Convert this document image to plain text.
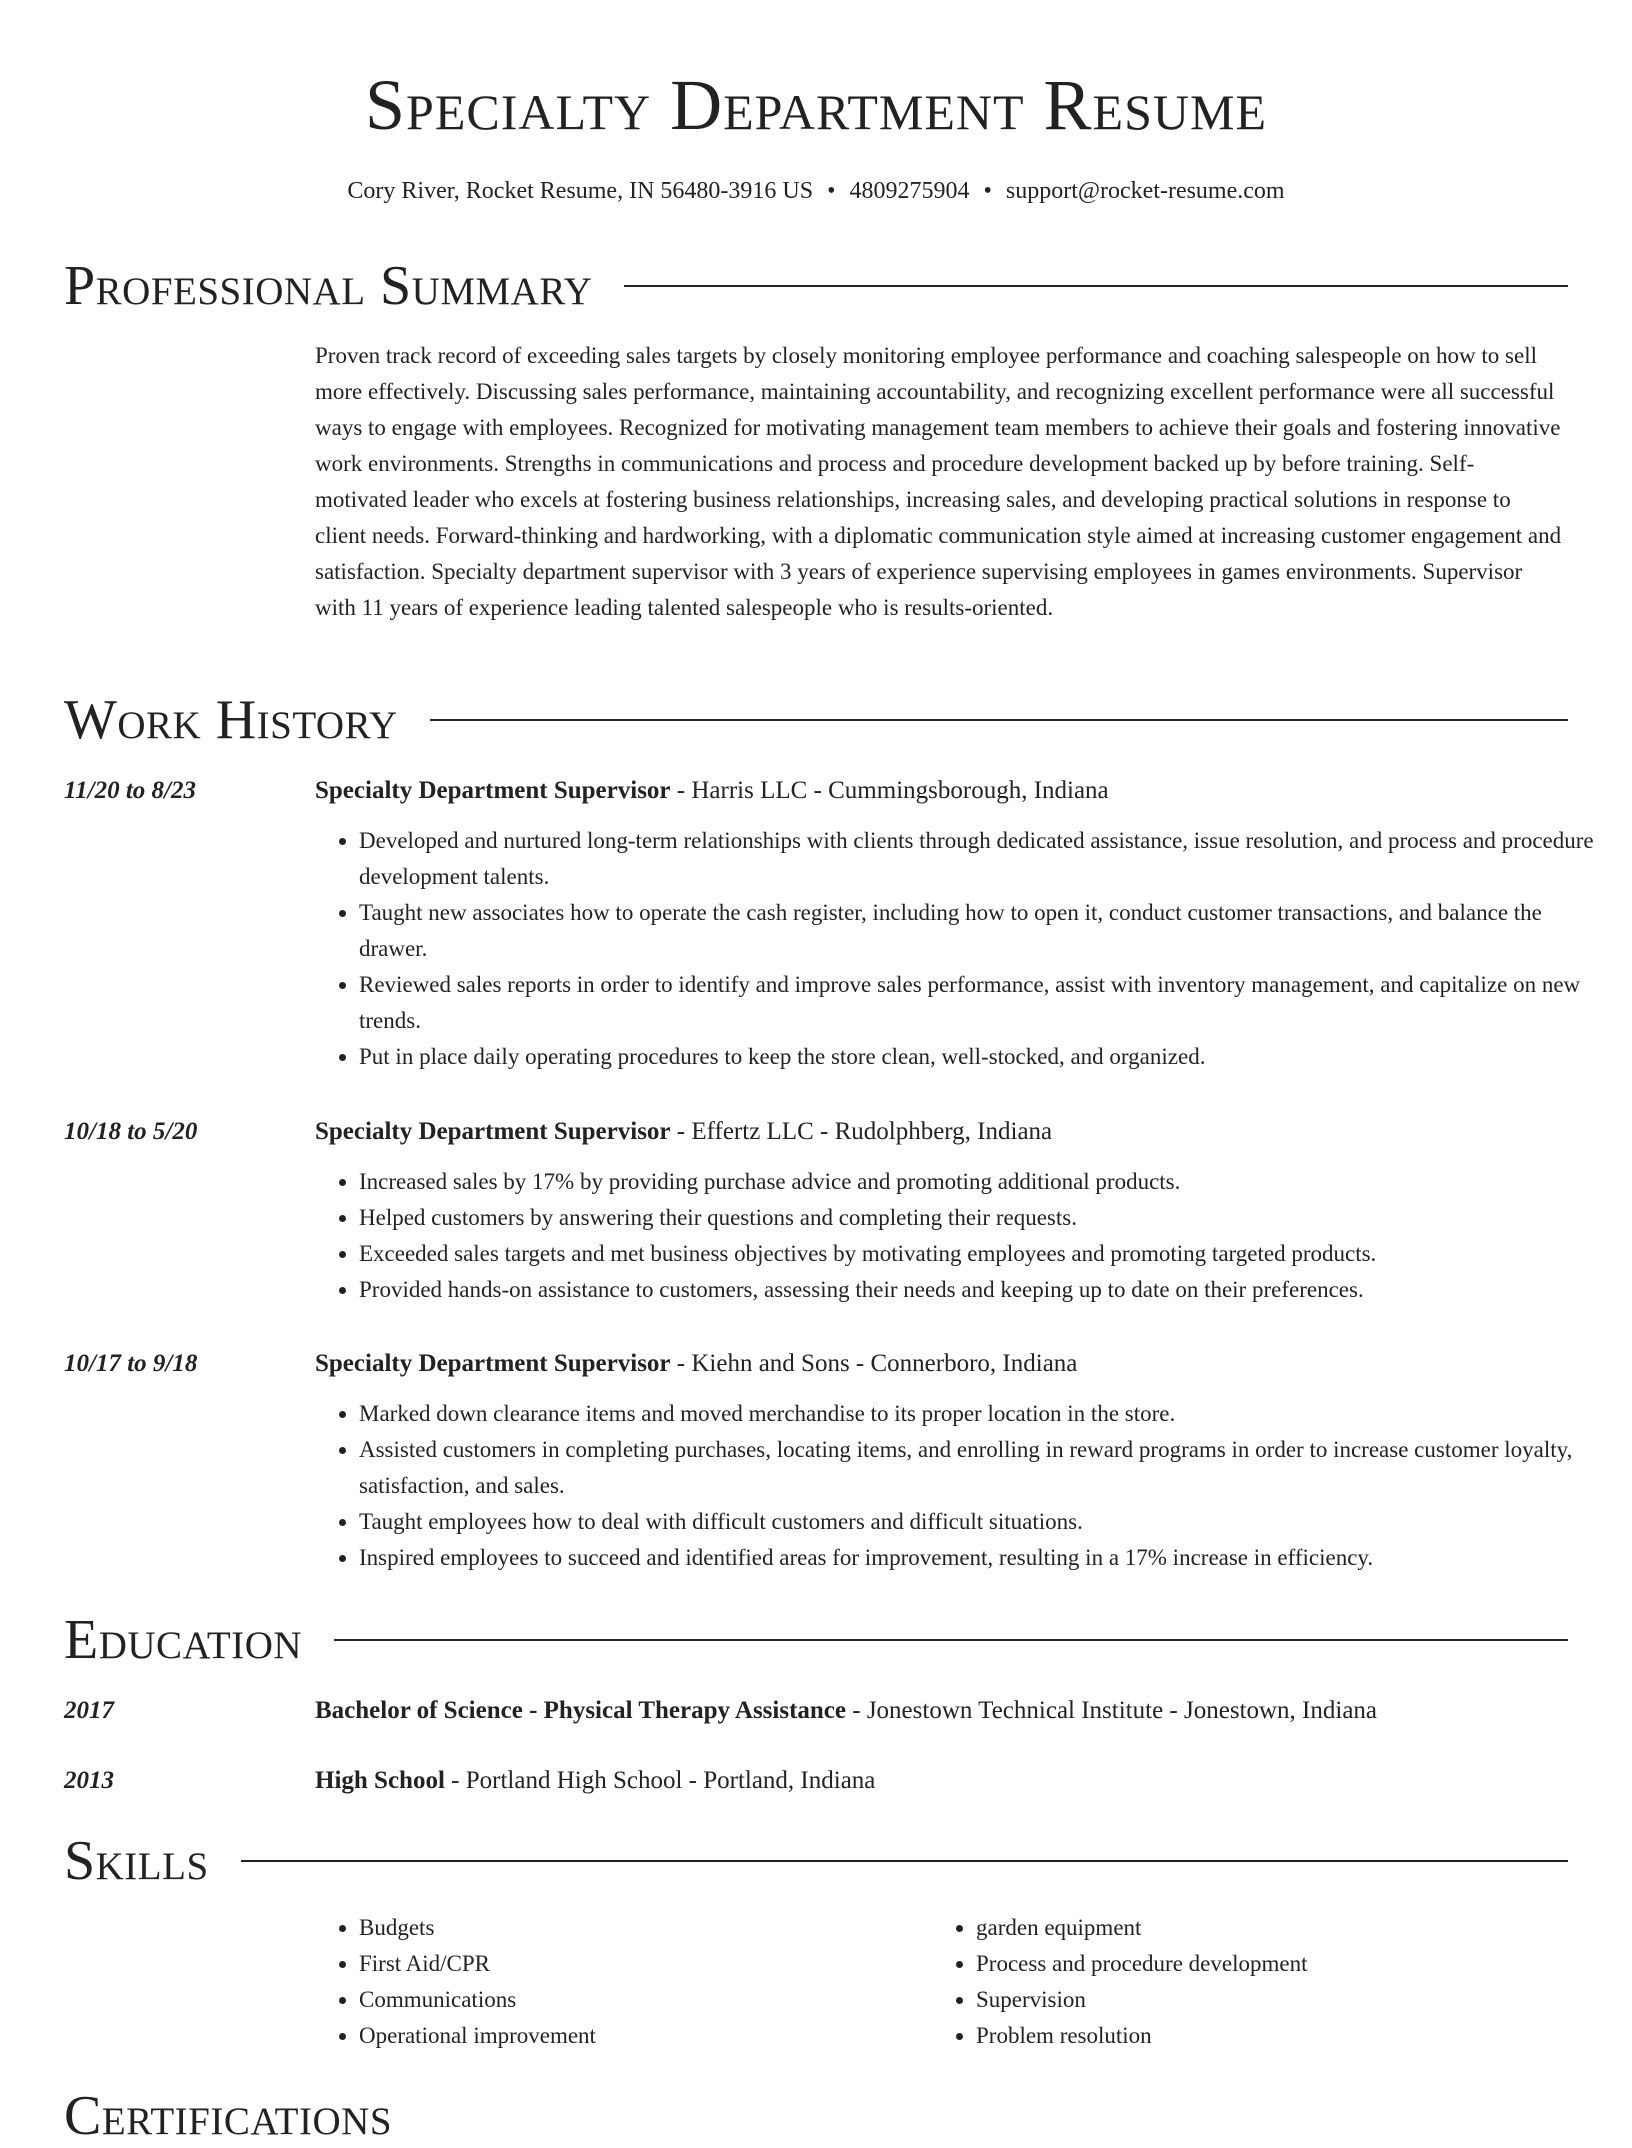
Specialty Department Resume
Cory River, Rocket Resume, IN 56480-3916 US • 4809275904 • support@rocket-resume.com
Professional Summary

Proven track record of exceeding sales targets by closely monitoring employee performance and coaching salespeople on how to sell more effectively. Discussing sales performance, maintaining accountability, and recognizing excellent performance were all successful ways to engage with employees. Recognized for motivating management team members to achieve their goals and fostering innovative work environments. Strengths in communications and process and procedure development backed up by before training. Self-motivated leader who excels at fostering business relationships, increasing sales, and developing practical solutions in response to client needs. Forward-thinking and hardworking, with a diplomatic communication style aimed at increasing customer engagement and satisfaction. Specialty department supervisor with 3 years of experience supervising employees in games environments. Supervisor with 11 years of experience leading talented salespeople who is results-oriented.

Work History
11/20 to 8/23	Specialty Department Supervisor - Harris LLC - Cummingsborough, Indiana
• Developed and nurtured long-term relationships with clients through dedicated assistance, issue resolution, and process and procedure development talents.
• Taught new associates how to operate the cash register, including how to open it, conduct customer transactions, and balance the drawer.
• Reviewed sales reports in order to identify and improve sales performance, assist with inventory management, and capitalize on new trends.
• Put in place daily operating procedures to keep the store clean, well-stocked, and organized.
10/18 to 5/20	Specialty Department Supervisor - Effertz LLC - Rudolphberg, Indiana
• Increased sales by 17% by providing purchase advice and promoting additional products.
• Helped customers by answering their questions and completing their requests.
• Exceeded sales targets and met business objectives by motivating employees and promoting targeted products.
• Provided hands-on assistance to customers, assessing their needs and keeping up to date on their preferences.
10/17 to 9/18	Specialty Department Supervisor - Kiehn and Sons - Connerboro, Indiana
• Marked down clearance items and moved merchandise to its proper location in the store.
• Assisted customers in completing purchases, locating items, and enrolling in reward programs in order to increase customer loyalty, satisfaction, and sales.
• Taught employees how to deal with difficult customers and difficult situations.
• Inspired employees to succeed and identified areas for improvement, resulting in a 17% increase in efficiency.
Education
2017	Bachelor of Science - Physical Therapy Assistance - Jonestown Technical Institute - Jonestown, Indiana
2013	High School - Portland High School - Portland, Indiana
Skills
• Budgets
• First Aid/CPR
• Communications
• Operational improvement
• garden equipment
• Process and procedure development
• Supervision
• Problem resolution
Certifications
